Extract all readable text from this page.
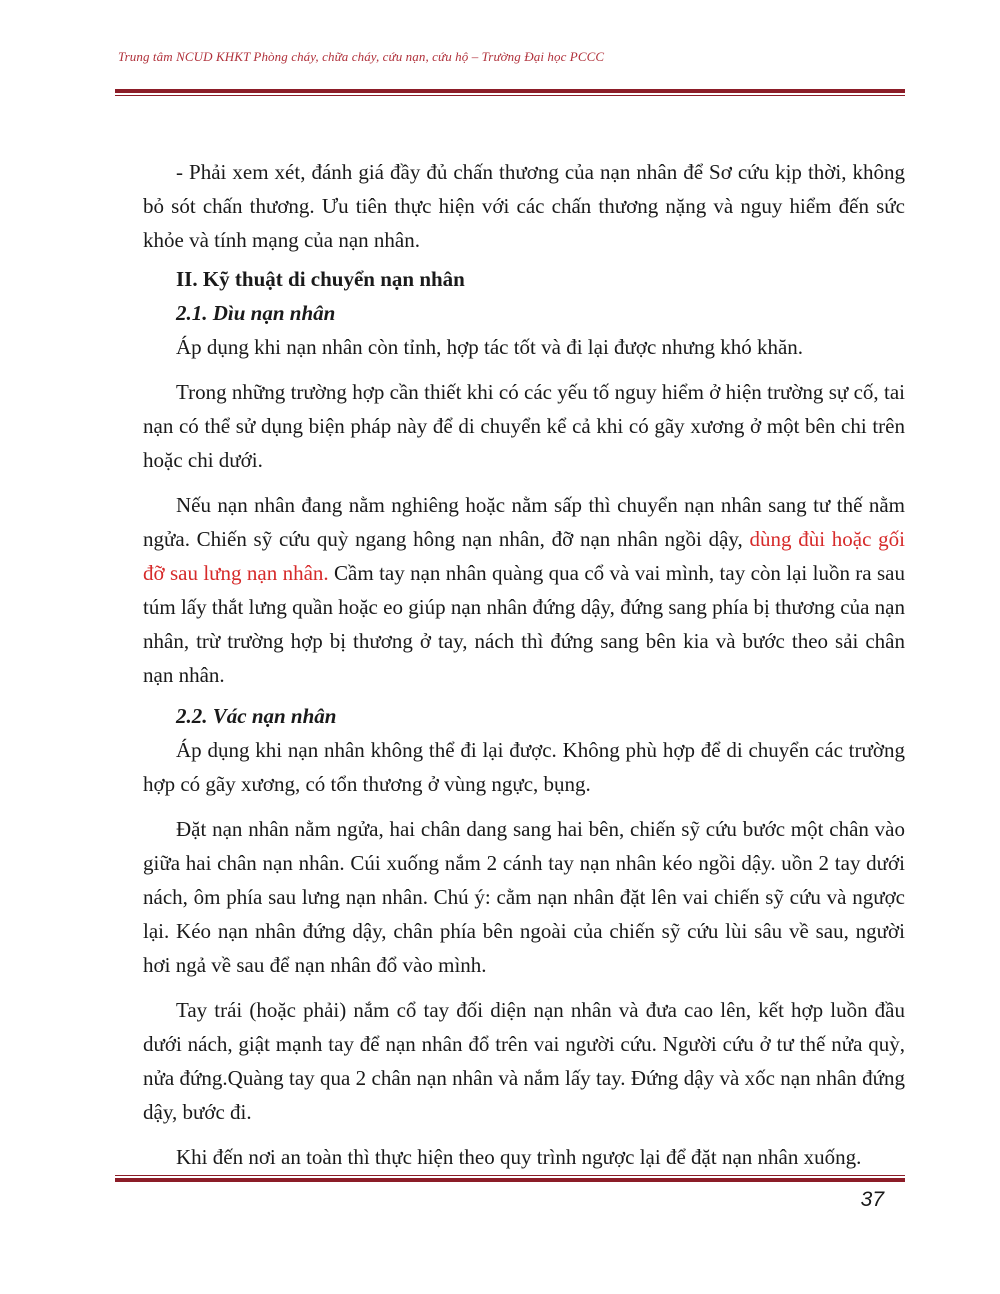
Trung tâm NCUD KHKT Phòng cháy, chữa cháy, cứu nạn, cứu hộ – Trường Đại học PCCC

- Phải xem xét, đánh giá đầy đủ chấn thương của nạn nhân để Sơ cứu kịp thời, không bỏ sót chấn thương. Ưu tiên thực hiện với các chấn thương nặng và nguy hiểm đến sức khỏe và tính mạng của nạn nhân.

II. Kỹ thuật di chuyển nạn nhân
2.1. Dìu nạn nhân

Áp dụng khi nạn nhân còn tỉnh, hợp tác tốt và đi lại được nhưng khó khăn.

Trong những trường hợp cần thiết khi có các yếu tố nguy hiểm ở hiện trường sự cố, tai nạn có thể sử dụng biện pháp này để di chuyển kể cả khi có gãy xương ở một bên chi trên hoặc chi dưới.

Nếu nạn nhân đang nằm nghiêng hoặc nằm sấp thì chuyển nạn nhân sang tư thế nằm ngửa. Chiến sỹ cứu quỳ ngang hông nạn nhân, đỡ nạn nhân ngồi dậy, dùng đùi hoặc gối đỡ sau lưng nạn nhân. Cầm tay nạn nhân quàng qua cổ và vai mình, tay còn lại luồn ra sau túm lấy thắt lưng quần hoặc eo giúp nạn nhân đứng dậy, đứng sang phía bị thương của nạn nhân, trừ trường hợp bị thương ở tay, nách thì đứng sang bên kia và bước theo sải chân nạn nhân.

2.2. Vác nạn nhân

Áp dụng khi nạn nhân không thể đi lại được. Không phù hợp để di chuyển các trường hợp có gãy xương, có tổn thương ở vùng ngực, bụng.

Đặt nạn nhân nằm ngửa, hai chân dang sang hai bên, chiến sỹ cứu bước một chân vào giữa hai chân nạn nhân. Cúi xuống nắm 2 cánh tay nạn nhân kéo ngồi dậy. uồn 2 tay dưới nách, ôm phía sau lưng nạn nhân. Chú ý: cằm nạn nhân đặt lên vai chiến sỹ cứu và ngược lại. Kéo nạn nhân đứng dậy, chân phía bên ngoài của chiến sỹ cứu lùi sâu về sau, người hơi ngả về sau để nạn nhân đổ vào mình.

Tay trái (hoặc phải) nắm cổ tay đối diện nạn nhân và đưa cao lên, kết hợp luồn đầu dưới nách, giật mạnh tay để nạn nhân đổ trên vai người cứu. Người cứu ở tư thế nửa quỳ, nửa đứng.Quàng tay qua 2 chân nạn nhân và nắm lấy tay. Đứng dậy và xốc nạn nhân đứng dậy, bước đi.

Khi đến nơi an toàn thì thực hiện theo quy trình ngược lại để đặt nạn nhân xuống.

37
